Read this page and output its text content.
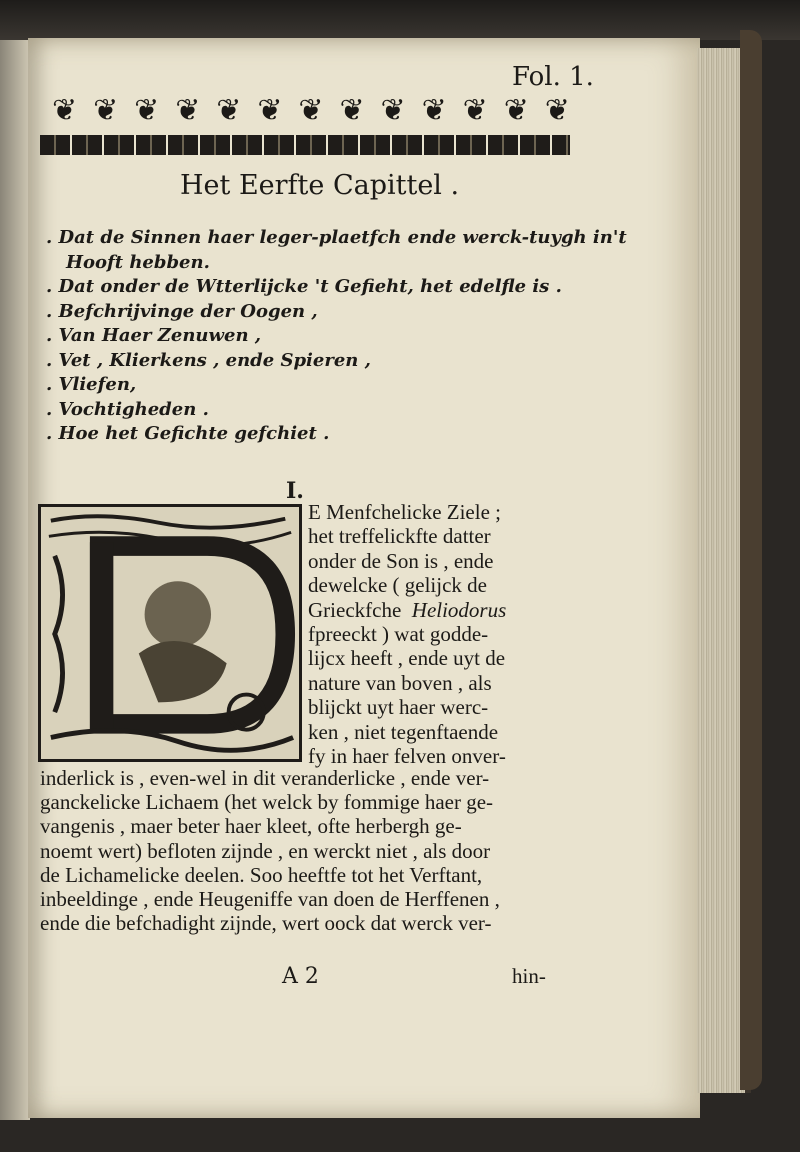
Fol. 1.
❦ ❦ ❦ ❦ ❦ ❦ ❦ ❦ ❦ ❦ ❦ ❦ ❦
Het Eerfte Capittel .
. Dat de Sinnen haer leger-plaetfch ende werck-tuygh in't
Hooft hebben.
. Dat onder de Wtterlijcke 't Gefieht, het edelfle is .
. Befchrijvinge der Oogen ,
. Van Haer Zenuwen ,
. Vet , Klierkens , ende Spieren ,
. Vliefen,
. Vochtigheden .
. Hoe het Gefichte gefchiet .
I.
E Menfchelicke Ziele ;
het treffelickfte datter
onder de Son is , ende
dewelcke ( gelijck de
Grieckfche Heliodorus
fpreeckt ) wat godde-
lijcx heeft , ende uyt de
nature van boven , als
blijckt uyt haer werc-
ken , niet tegenftaende
fy in haer felven onver-
inderlick is , even-wel in dit veranderlicke , ende ver-
ganckelicke Lichaem (het welck by fommige haer ge-
vangenis , maer beter haer kleet, ofte herbergh ge-
noemt wert) befloten zijnde , en werckt niet , als door
de Lichamelicke deelen. Soo heeftfe tot het Verftant,
inbeeldinge , ende Heugeniffe van doen de Herffenen ,
ende die befchadight zijnde, wert oock dat werck ver-
A 2	hin-
